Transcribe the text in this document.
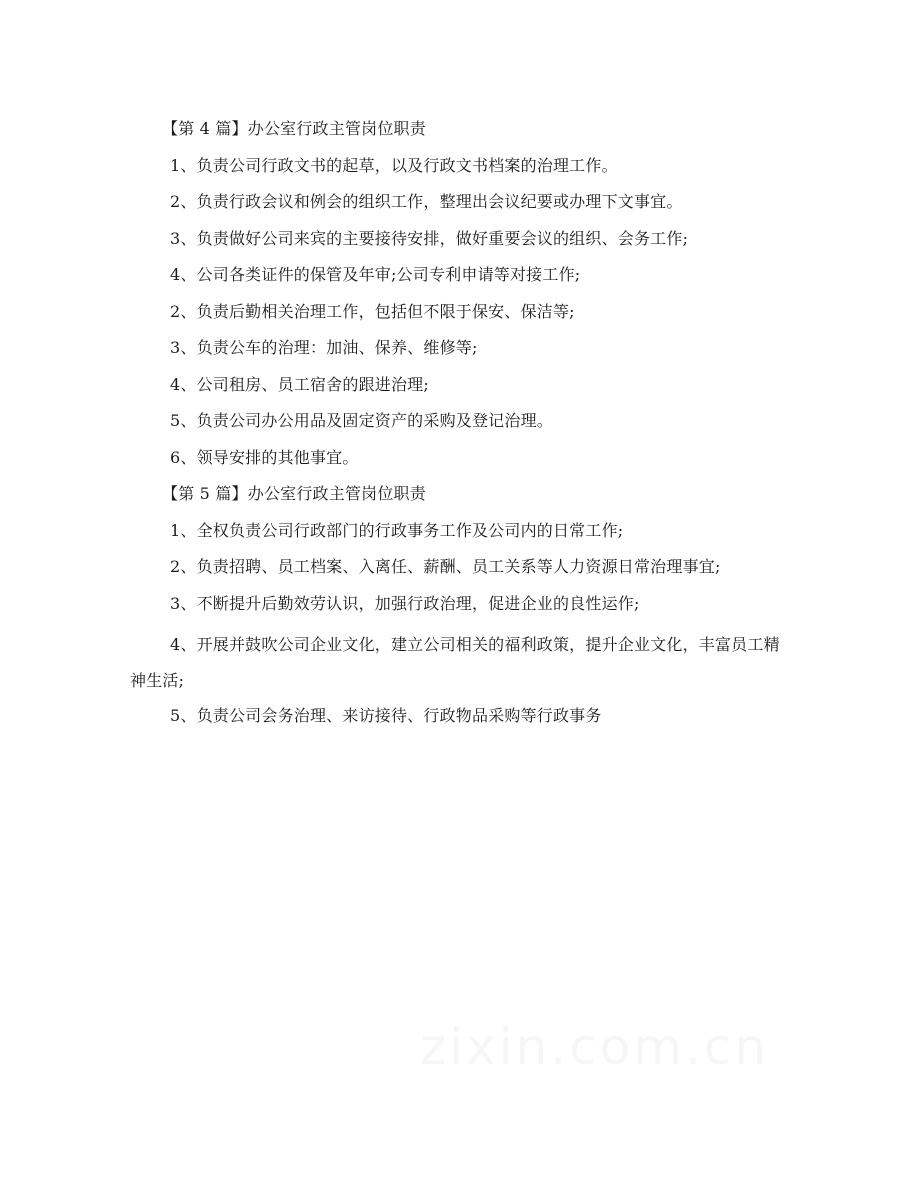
【第 4 篇】办公室行政主管岗位职责

1、负责公司行政文书的起草，以及行政文书档案的治理工作。

2、负责行政会议和例会的组织工作，整理出会议纪要或办理下文事宜。

3、负责做好公司来宾的主要接待安排，做好重要会议的组织、会务工作;

4、公司各类证件的保管及年审;公司专利申请等对接工作;

2、负责后勤相关治理工作，包括但不限于保安、保洁等;

3、负责公车的治理：加油、保养、维修等;

4、公司租房、员工宿舍的跟进治理;

5、负责公司办公用品及固定资产的采购及登记治理。

6、领导安排的其他事宜。

【第 5 篇】办公室行政主管岗位职责

1、全权负责公司行政部门的行政事务工作及公司内的日常工作;

2、负责招聘、员工档案、入离任、薪酬、员工关系等人力资源日常治理事宜;

3、不断提升后勤效劳认识，加强行政治理，促进企业的良性运作;

4、开展并鼓吹公司企业文化，建立公司相关的福利政策，提升企业文化，丰富员工精神生活;

5、负责公司会务治理、来访接待、行政物品采购等行政事务
